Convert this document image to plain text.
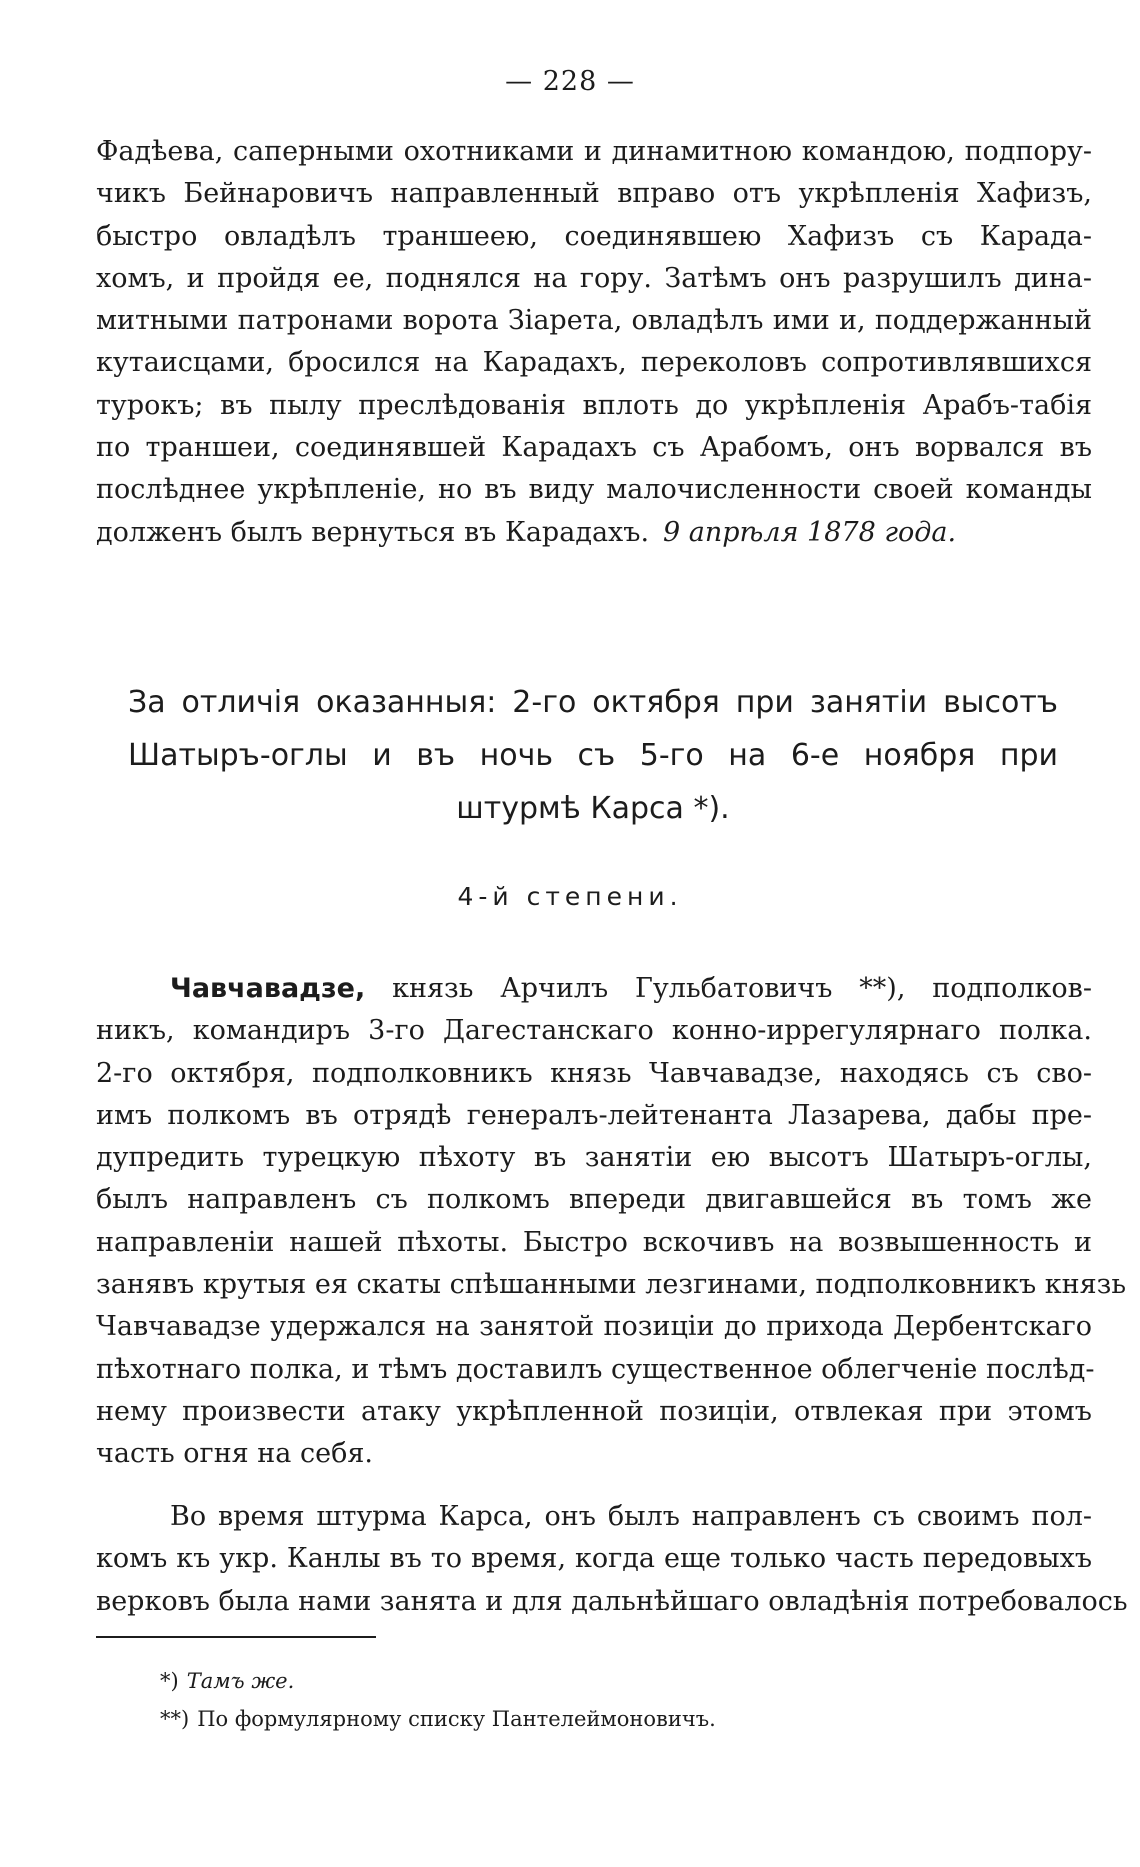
— 228 —

Фадѣева, саперными охотниками и динамитною командою, подпору-
чикъ Бейнаровичъ направленный вправо отъ укрѣпленія Хафизъ,
быстро овладѣлъ траншеею, соединявшею Хафизъ съ Карада-
хомъ, и пройдя ее, поднялся на гору. Затѣмъ онъ разрушилъ дина-
митными патронами ворота Зіарета, овладѣлъ ими и, поддержанный
кутаисцами, бросился на Карадахъ, переколовъ сопротивлявшихся
турокъ; въ пылу преслѣдованія вплоть до укрѣпленія Арабъ-табія
по траншеи, соединявшей Карадахъ съ Арабомъ, онъ ворвался въ
послѣднее укрѣпленіе, но въ виду малочисленности своей команды
долженъ былъ вернуться въ Карадахъ. 9 апрѣля 1878 года.

За отличія оказанныя: 2-го октября при занятіи высотъ
Шатыръ-оглы и въ ночь съ 5-го на 6-е ноября при
штурмѣ Карса *).
4-й степени.

Чавчавадзе, князь Арчилъ Гульбатовичъ **), подполков-
никъ, командиръ 3-го Дагестанскаго конно-иррегулярнаго полка.
2-го октября, подполковникъ князь Чавчавадзе, находясь съ сво-
имъ полкомъ въ отрядѣ генералъ-лейтенанта Лазарева, дабы пре-
дупредить турецкую пѣхоту въ занятіи ею высотъ Шатыръ-оглы,
былъ направленъ съ полкомъ впереди двигавшейся въ томъ же
направленіи нашей пѣхоты. Быстро вскочивъ на возвышенность и
занявъ крутыя ея скаты спѣшанными лезгинами, подполковникъ князь
Чавчавадзе удержался на занятой позиціи до прихода Дербентскаго
пѣхотнаго полка, и тѣмъ доставилъ существенное облегченіе послѣд-
нему произвести атаку укрѣпленной позиціи, отвлекая при этомъ
часть огня на себя.

Во время штурма Карса, онъ былъ направленъ съ своимъ пол-
комъ къ укр. Канлы въ то время, когда еще только часть передовыхъ
верковъ была нами занята и для дальнѣйшаго овладѣнія потребовалось

*) Тамъ же.
**) По формулярному списку Пантелеймоновичъ.
